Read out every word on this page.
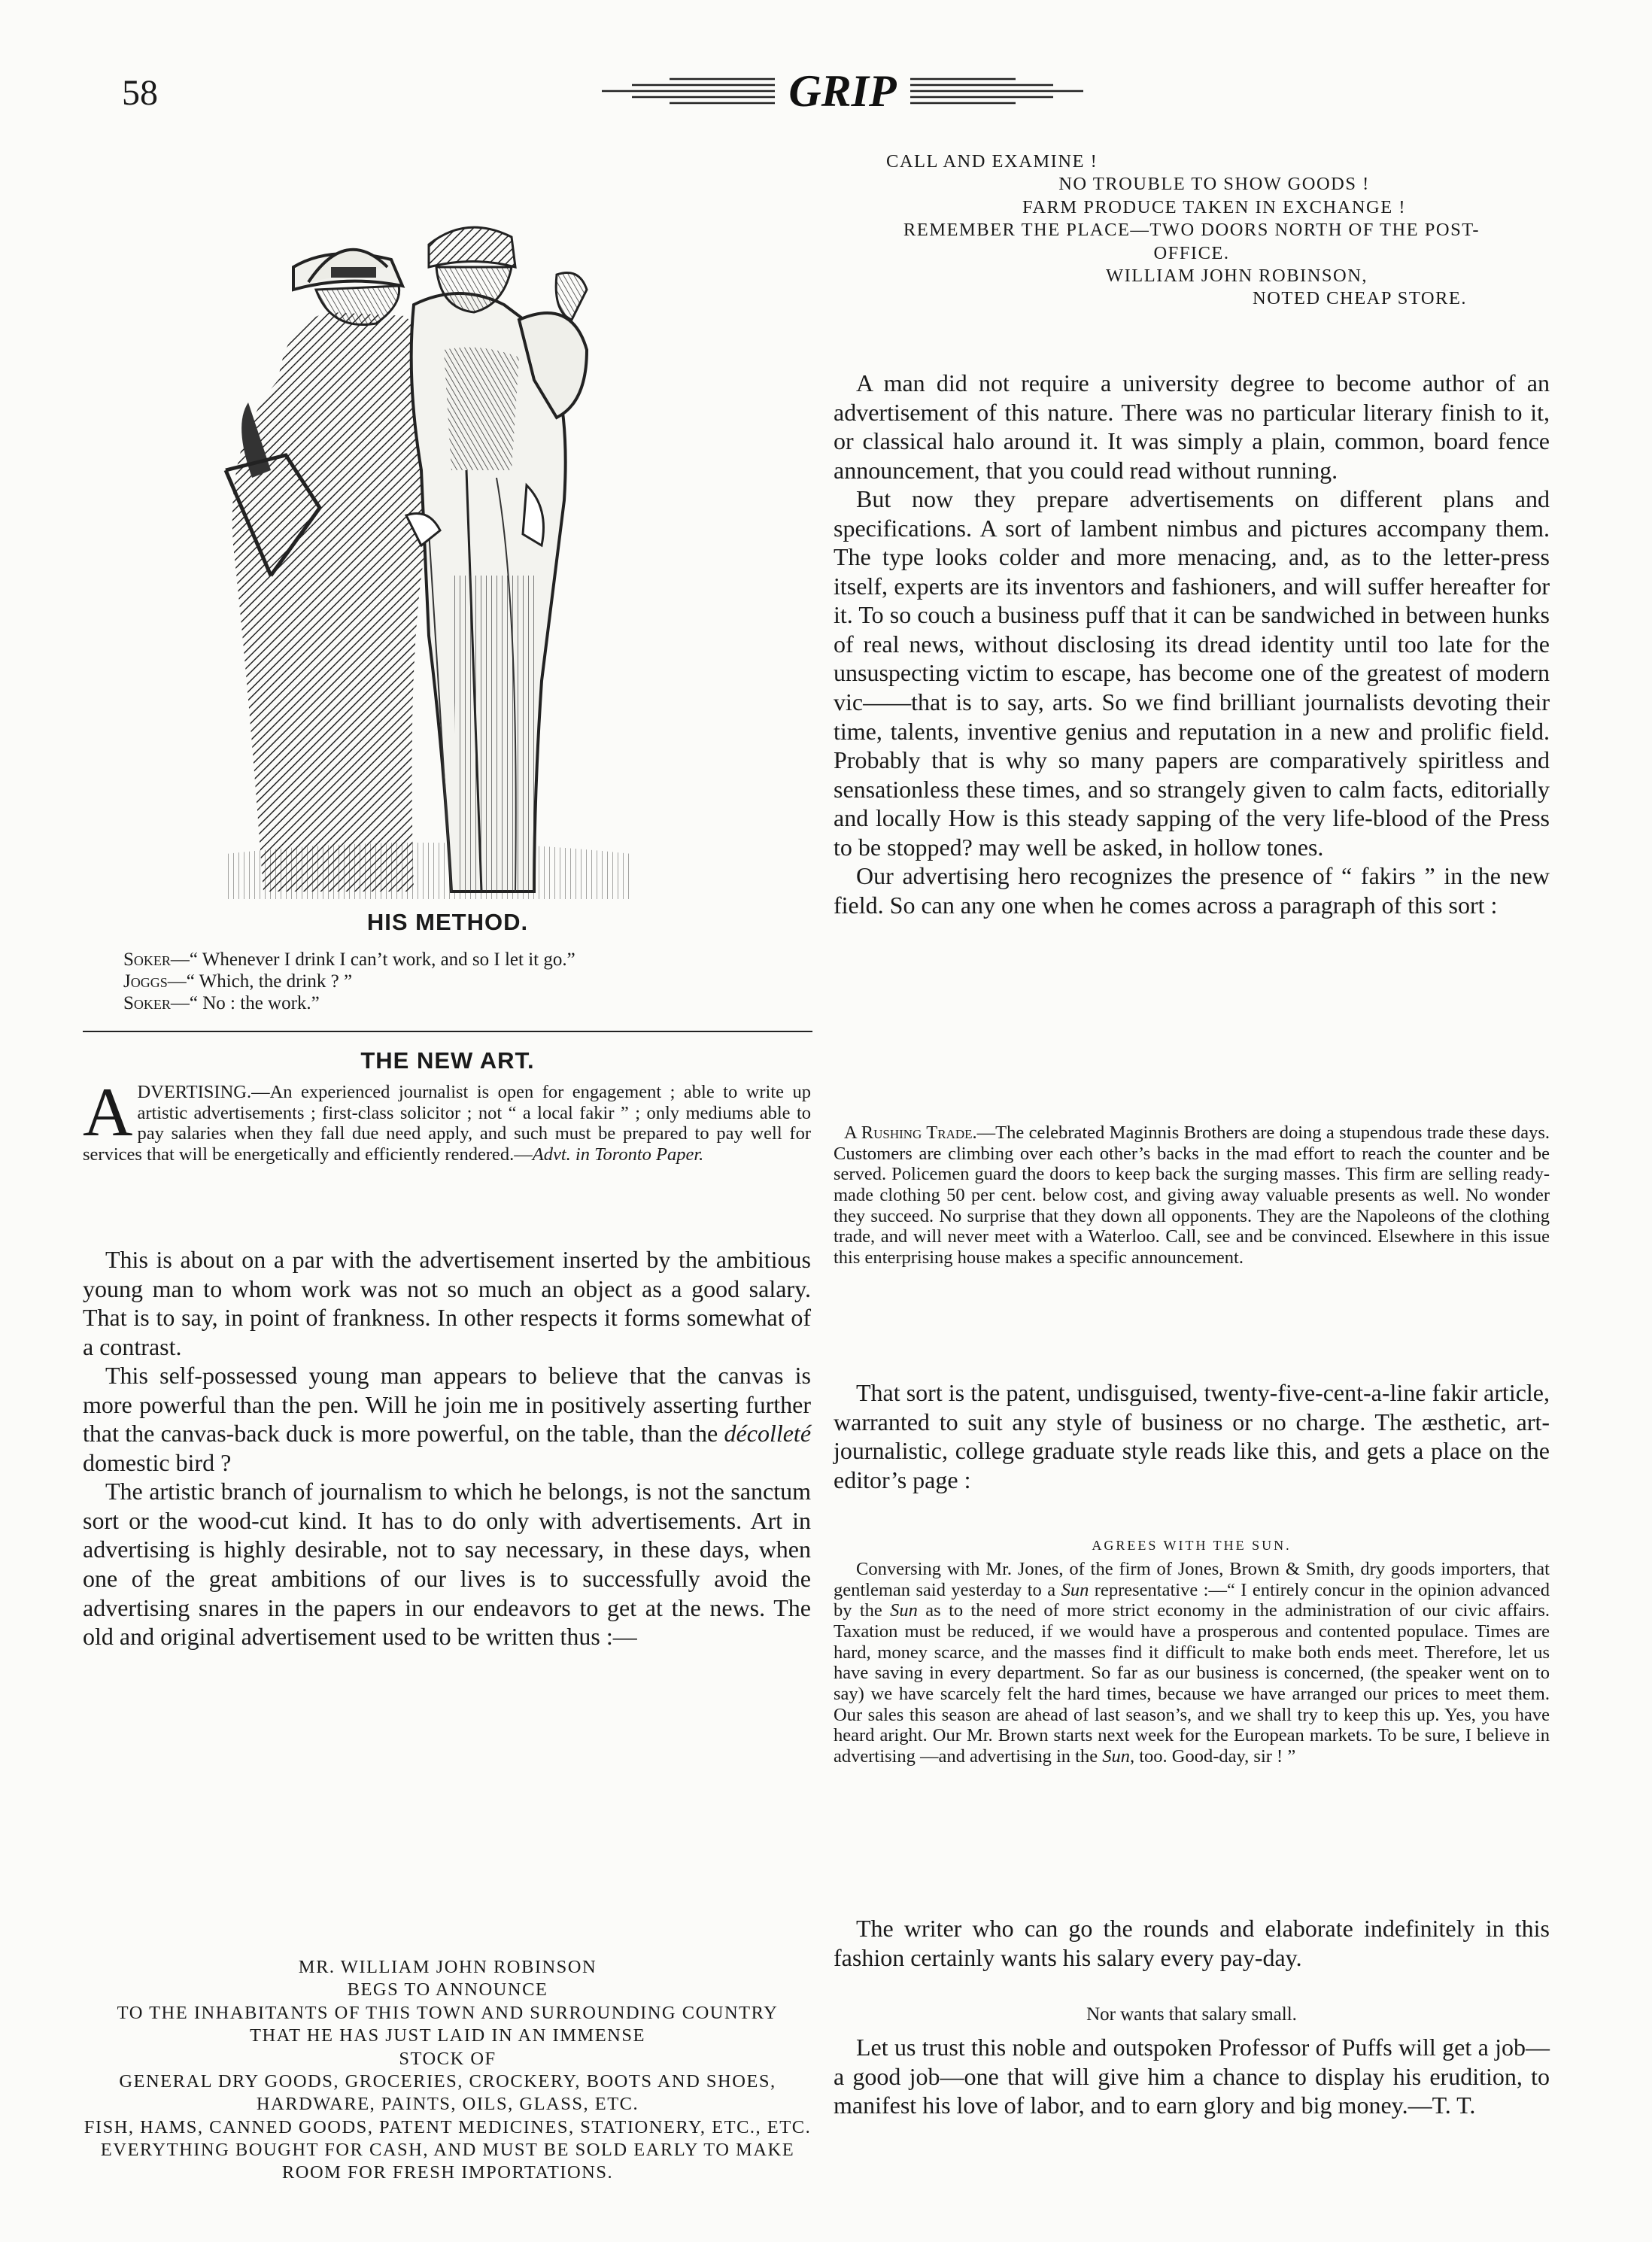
58	GRIP
HIS METHOD.
Soker—“ Whenever I drink I can’t work, and so I let it go.”
Joggs—“ Which, the drink ? ”
Soker—“ No : the work.”
THE NEW ART.
ADVERTISING.—An experienced journalist is open for engagement ; able to write up artistic advertisements ; first-class solicitor ; not “ a local fakir ” ; only mediums able to pay salaries when they fall due need apply, and such must be prepared to pay well for services that will be energetically and efficiently rendered.—Advt. in Toronto Paper.

This is about on a par with the advertisement inserted by the ambitious young man to whom work was not so much an object as a good salary. That is to say, in point of frankness. In other respects it forms somewhat of a contrast.

This self-possessed young man appears to believe that the canvas is more powerful than the pen. Will he join me in positively asserting further that the canvas-back duck is more powerful, on the table, than the décolleté domestic bird ?

The artistic branch of journalism to which he belongs, is not the sanctum sort or the wood-cut kind. It has to do only with advertisements. Art in advertising is highly desirable, not to say necessary, in these days, when one of the great ambitions of our lives is to successfully avoid the advertising snares in the papers in our endeavors to get at the news. The old and original advertisement used to be written thus :—

MR. WILLIAM JOHN ROBINSON
BEGS TO ANNOUNCE
TO THE INHABITANTS OF THIS TOWN AND SURROUNDING COUNTRY
THAT HE HAS JUST LAID IN AN IMMENSE
STOCK OF
GENERAL DRY GOODS, GROCERIES, CROCKERY, BOOTS AND SHOES, HARDWARE, PAINTS, OILS, GLASS, ETC.
FISH, HAMS, CANNED GOODS, PATENT MEDICINES, STATIONERY, ETC., ETC.
EVERYTHING BOUGHT FOR CASH, AND MUST BE SOLD EARLY TO MAKE ROOM FOR FRESH IMPORTATIONS.
CALL AND EXAMINE !
NO TROUBLE TO SHOW GOODS !
FARM PRODUCE TAKEN IN EXCHANGE !
REMEMBER THE PLACE—TWO DOORS NORTH OF THE POST-
OFFICE.
WILLIAM JOHN ROBINSON,
NOTED CHEAP STORE.

A man did not require a university degree to become author of an advertisement of this nature. There was no particular literary finish to it, or classical halo around it. It was simply a plain, common, board fence announcement, that you could read without running.

But now they prepare advertisements on different plans and specifications. A sort of lambent nimbus and pictures accompany them. The type looks colder and more menacing, and, as to the letter-press itself, experts are its inventors and fashioners, and will suffer hereafter for it. To so couch a business puff that it can be sandwiched in between hunks of real news, without disclosing its dread identity until too late for the unsuspecting victim to escape, has become one of the greatest of modern vic——that is to say, arts. So we find brilliant journalists devoting their time, talents, inventive genius and reputation in a new and prolific field. Probably that is why so many papers are comparatively spiritless and sensationless these times, and so strangely given to calm facts, editorially and locally How is this steady sapping of the very life-blood of the Press to be stopped? may well be asked, in hollow tones.

Our advertising hero recognizes the presence of “ fakirs ” in the new field. So can any one when he comes across a paragraph of this sort :

A Rushing Trade.—The celebrated Maginnis Brothers are doing a stupendous trade these days. Customers are climbing over each other’s backs in the mad effort to reach the counter and be served. Policemen guard the doors to keep back the surging masses. This firm are selling ready-made clothing 50 per cent. below cost, and giving away valuable presents as well. No wonder they succeed. No surprise that they down all opponents. They are the Napoleons of the clothing trade, and will never meet with a Waterloo. Call, see and be convinced. Elsewhere in this issue this enterprising house makes a specific announcement.

That sort is the patent, undisguised, twenty-five-cent-a-line fakir article, warranted to suit any style of business or no charge. The æsthetic, art-journalistic, college graduate style reads like this, and gets a place on the editor’s page :

AGREES WITH THE SUN.

Conversing with Mr. Jones, of the firm of Jones, Brown & Smith, dry goods importers, that gentleman said yesterday to a Sun representative :—“ I entirely concur in the opinion advanced by the Sun as to the need of more strict economy in the administration of our civic affairs. Taxation must be reduced, if we would have a prosperous and contented populace. Times are hard, money scarce, and the masses find it difficult to make both ends meet. Therefore, let us have saving in every department. So far as our business is concerned, (the speaker went on to say) we have scarcely felt the hard times, because we have arranged our prices to meet them. Our sales this season are ahead of last season’s, and we shall try to keep this up. Yes, you have heard aright. Our Mr. Brown starts next week for the European markets. To be sure, I believe in advertising —and advertising in the Sun, too. Good-day, sir ! ”

The writer who can go the rounds and elaborate indefinitely in this fashion certainly wants his salary every pay-day.

Nor wants that salary small.

Let us trust this noble and outspoken Professor of Puffs will get a job—a good job—one that will give him a chance to display his erudition, to manifest his love of labor, and to earn glory and big money.—T. T.
